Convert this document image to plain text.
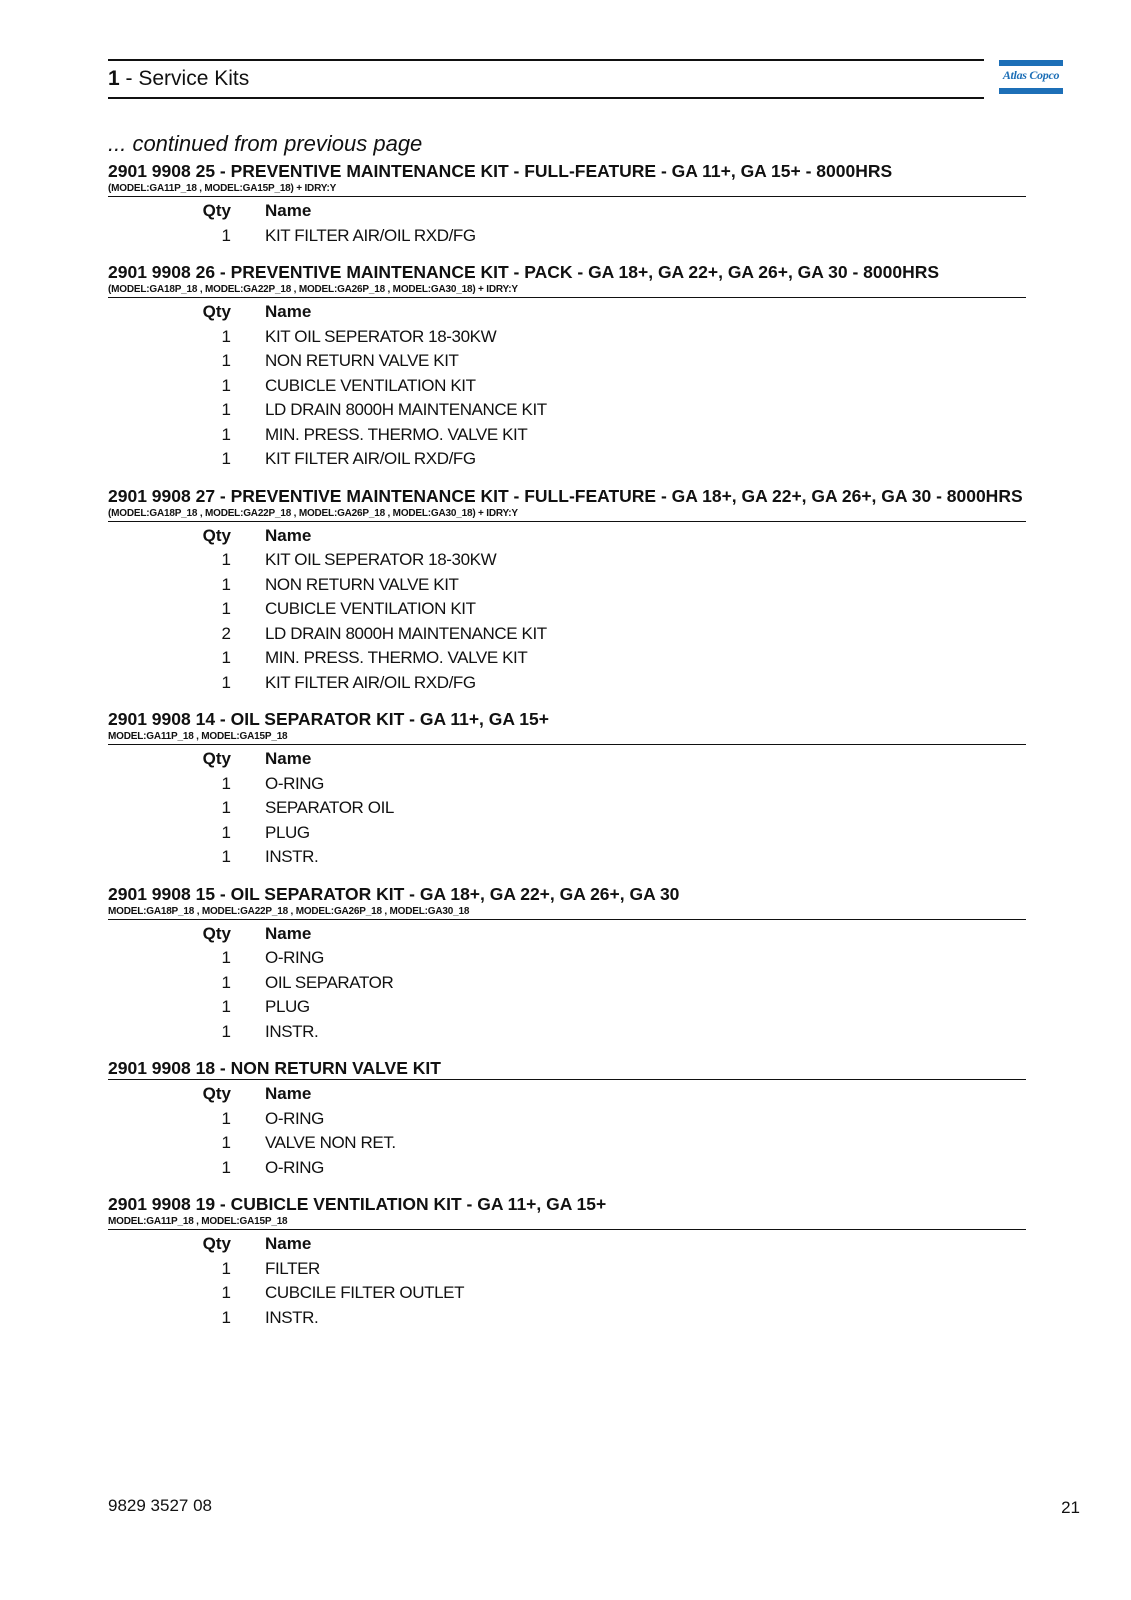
1 - Service Kits	Atlas Copco
... continued from previous page
2901 9908 25 - PREVENTIVE MAINTENANCE KIT - FULL-FEATURE - GA 11+, GA 15+ - 8000HRS
(MODEL:GA11P_18 , MODEL:GA15P_18) + IDRY:Y
Qty Name
1 KIT FILTER AIR/OIL RXD/FG
2901 9908 26 - PREVENTIVE MAINTENANCE KIT - PACK - GA 18+, GA 22+, GA 26+, GA 30 - 8000HRS
(MODEL:GA18P_18 , MODEL:GA22P_18 , MODEL:GA26P_18 , MODEL:GA30_18) + IDRY:Y
Qty Name
1 KIT OIL SEPERATOR 18-30KW
1 NON RETURN VALVE KIT
1 CUBICLE VENTILATION KIT
1 LD DRAIN 8000H MAINTENANCE KIT
1 MIN. PRESS. THERMO. VALVE KIT
1 KIT FILTER AIR/OIL RXD/FG
2901 9908 27 - PREVENTIVE MAINTENANCE KIT - FULL-FEATURE - GA 18+, GA 22+, GA 26+, GA 30 - 8000HRS
(MODEL:GA18P_18 , MODEL:GA22P_18 , MODEL:GA26P_18 , MODEL:GA30_18) + IDRY:Y
Qty Name
1 KIT OIL SEPERATOR 18-30KW
1 NON RETURN VALVE KIT
1 CUBICLE VENTILATION KIT
2 LD DRAIN 8000H MAINTENANCE KIT
1 MIN. PRESS. THERMO. VALVE KIT
1 KIT FILTER AIR/OIL RXD/FG
2901 9908 14 - OIL SEPARATOR KIT - GA 11+, GA 15+
MODEL:GA11P_18 , MODEL:GA15P_18
Qty Name
1 O-RING
1 SEPARATOR OIL
1 PLUG
1 INSTR.
2901 9908 15 - OIL SEPARATOR KIT - GA 18+, GA 22+, GA 26+, GA 30
MODEL:GA18P_18 , MODEL:GA22P_18 , MODEL:GA26P_18 , MODEL:GA30_18
Qty Name
1 O-RING
1 OIL SEPARATOR
1 PLUG
1 INSTR.
2901 9908 18 - NON RETURN VALVE KIT
Qty Name
1 O-RING
1 VALVE NON RET.
1 O-RING
2901 9908 19 - CUBICLE VENTILATION KIT - GA 11+, GA 15+
MODEL:GA11P_18 , MODEL:GA15P_18
Qty Name
1 FILTER
1 CUBCILE FILTER OUTLET
1 INSTR.
9829 3527 08	21
